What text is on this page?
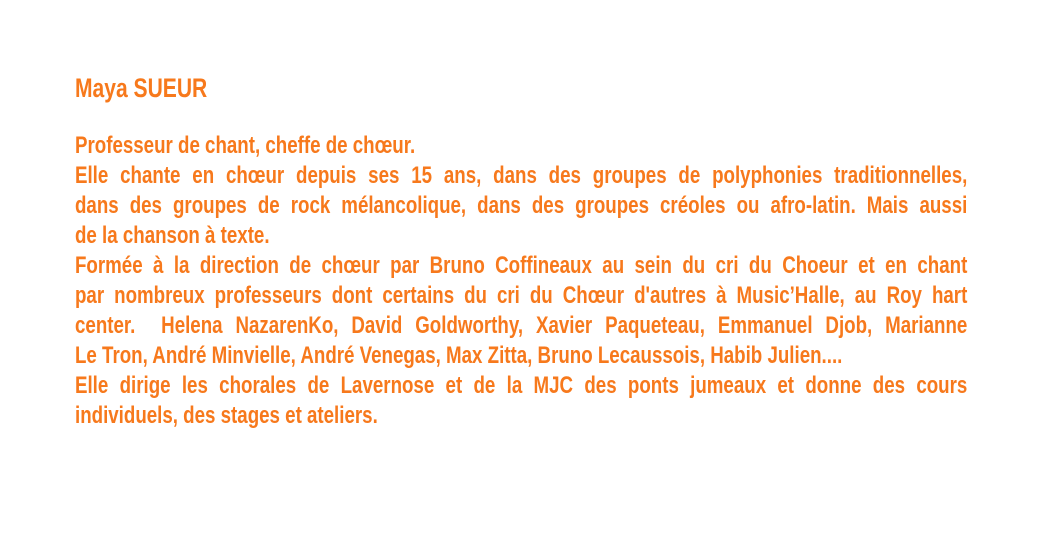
Maya SUEUR
Professeur de chant, cheffe de chœur.
Elle chante en chœur depuis ses 15 ans, dans des groupes de polyphonies traditionnelles,
dans des groupes de rock mélancolique, dans des groupes créoles ou afro-latin. Mais aussi
de la chanson à texte.
Formée à la direction de chœur par Bruno Coffineaux au sein du cri du Choeur et en chant
par nombreux professeurs dont certains du cri du Chœur d'autres à Music’Halle, au Roy hart
center.  Helena NazarenKo, David Goldworthy, Xavier Paqueteau, Emmanuel Djob, Marianne
Le Tron, André Minvielle, André Venegas, Max Zitta, Bruno Lecaussois, Habib Julien....
Elle dirige les chorales de Lavernose et de la MJC des ponts jumeaux et donne des cours
individuels, des stages et ateliers.
